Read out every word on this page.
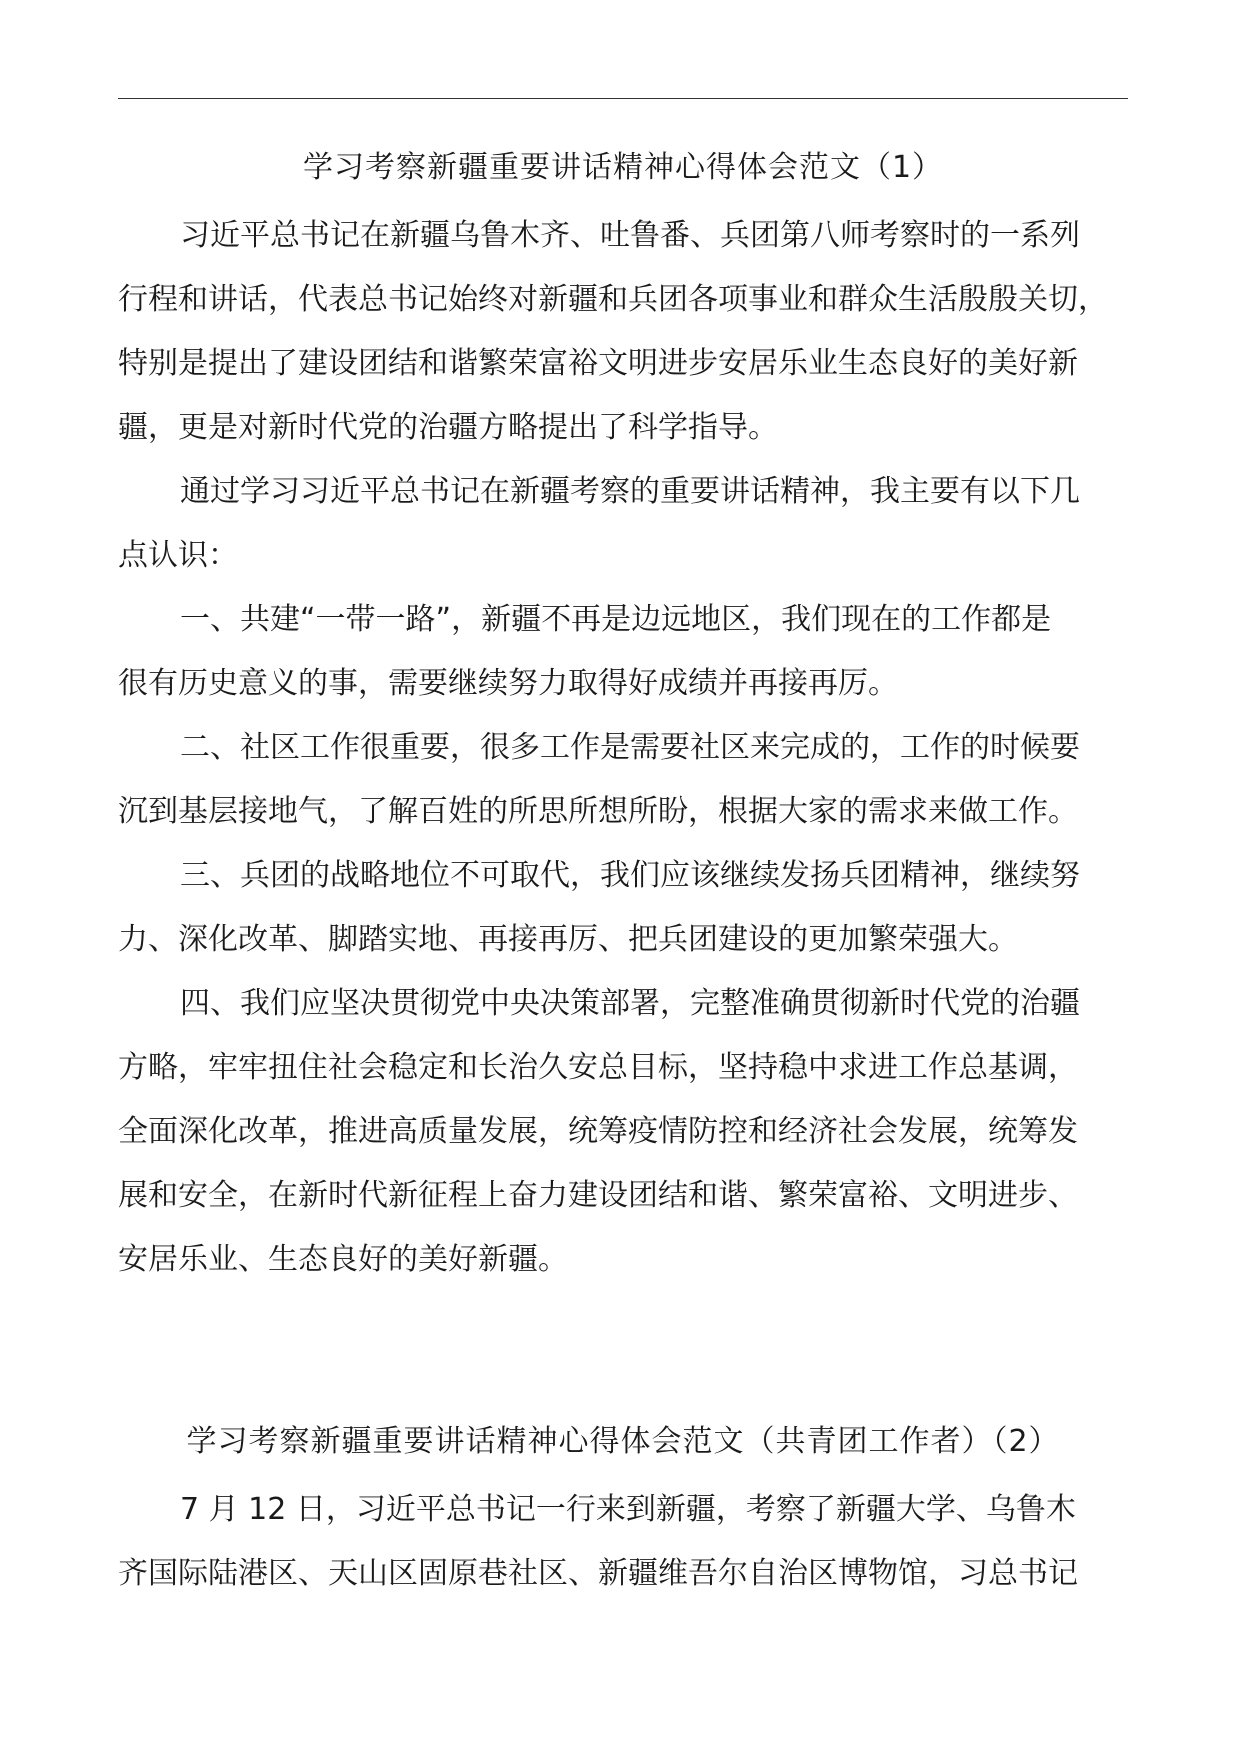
学习考察新疆重要讲话精神心得体会范文（1）
习近平总书记在新疆乌鲁木齐、吐鲁番、兵团第八师考察时的一系列
行程和讲话，代表总书记始终对新疆和兵团各项事业和群众生活殷殷关切，
特别是提出了建设团结和谐繁荣富裕文明进步安居乐业生态良好的美好新
疆，更是对新时代党的治疆方略提出了科学指导。
通过学习习近平总书记在新疆考察的重要讲话精神，我主要有以下几
点认识：
一、共建“一带一路”，新疆不再是边远地区，我们现在的工作都是
很有历史意义的事，需要继续努力取得好成绩并再接再厉。
二、社区工作很重要，很多工作是需要社区来完成的，工作的时候要
沉到基层接地气，了解百姓的所思所想所盼，根据大家的需求来做工作。
三、兵团的战略地位不可取代，我们应该继续发扬兵团精神，继续努
力、深化改革、脚踏实地、再接再厉、把兵团建设的更加繁荣强大。
四、我们应坚决贯彻党中央决策部署，完整准确贯彻新时代党的治疆
方略，牢牢扭住社会稳定和长治久安总目标，坚持稳中求进工作总基调，
全面深化改革，推进高质量发展，统筹疫情防控和经济社会发展，统筹发
展和安全，在新时代新征程上奋力建设团结和谐、繁荣富裕、文明进步、
安居乐业、生态良好的美好新疆。
学习考察新疆重要讲话精神心得体会范文（共青团工作者）（2）
7 月 12 日，习近平总书记一行来到新疆，考察了新疆大学、乌鲁木
齐国际陆港区、天山区固原巷社区、新疆维吾尔自治区博物馆，习总书记
